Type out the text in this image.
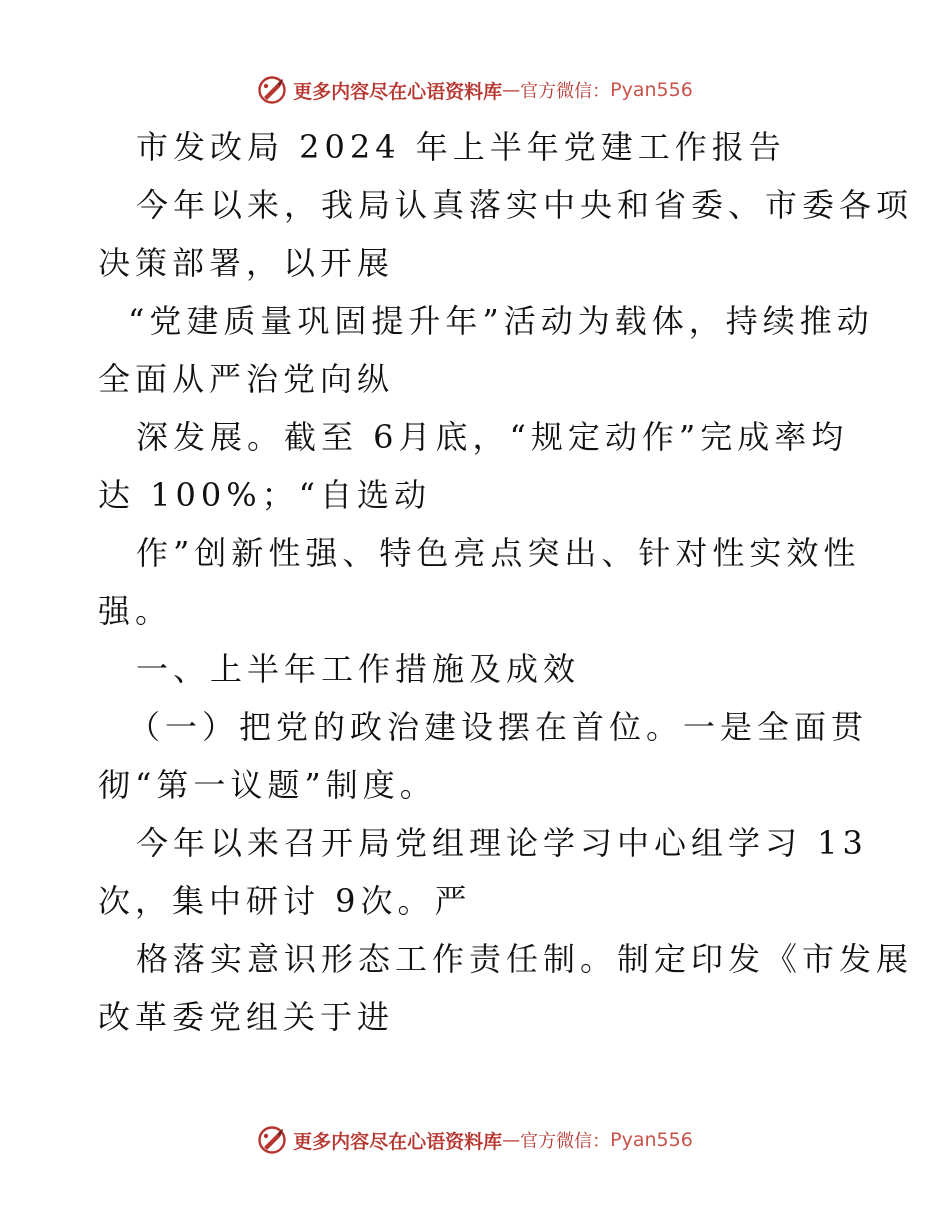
更多内容尽在心语资料库 — 官方微信： Pyan556
市发改局 2024 年上半年党建工作报告
今年以来，我局认真落实中央和省委、市委各项
决策部署，以开展
“党建质量巩固提升年”活动为载体，持续推动
全面从严治党向纵
深发展。截至 6月底，“规定动作”完成率均
达 100%；“自选动
作”创新性强、特色亮点突出、针对性实效性
强。
一、上半年工作措施及成效
（一）把党的政治建设摆在首位。一是全面贯
彻“第一议题”制度。
今年以来召开局党组理论学习中心组学习 13
次，集中研讨 9次。严
格落实意识形态工作责任制。制定印发《市发展
改革委党组关于进
更多内容尽在心语资料库 — 官方微信： Pyan556
